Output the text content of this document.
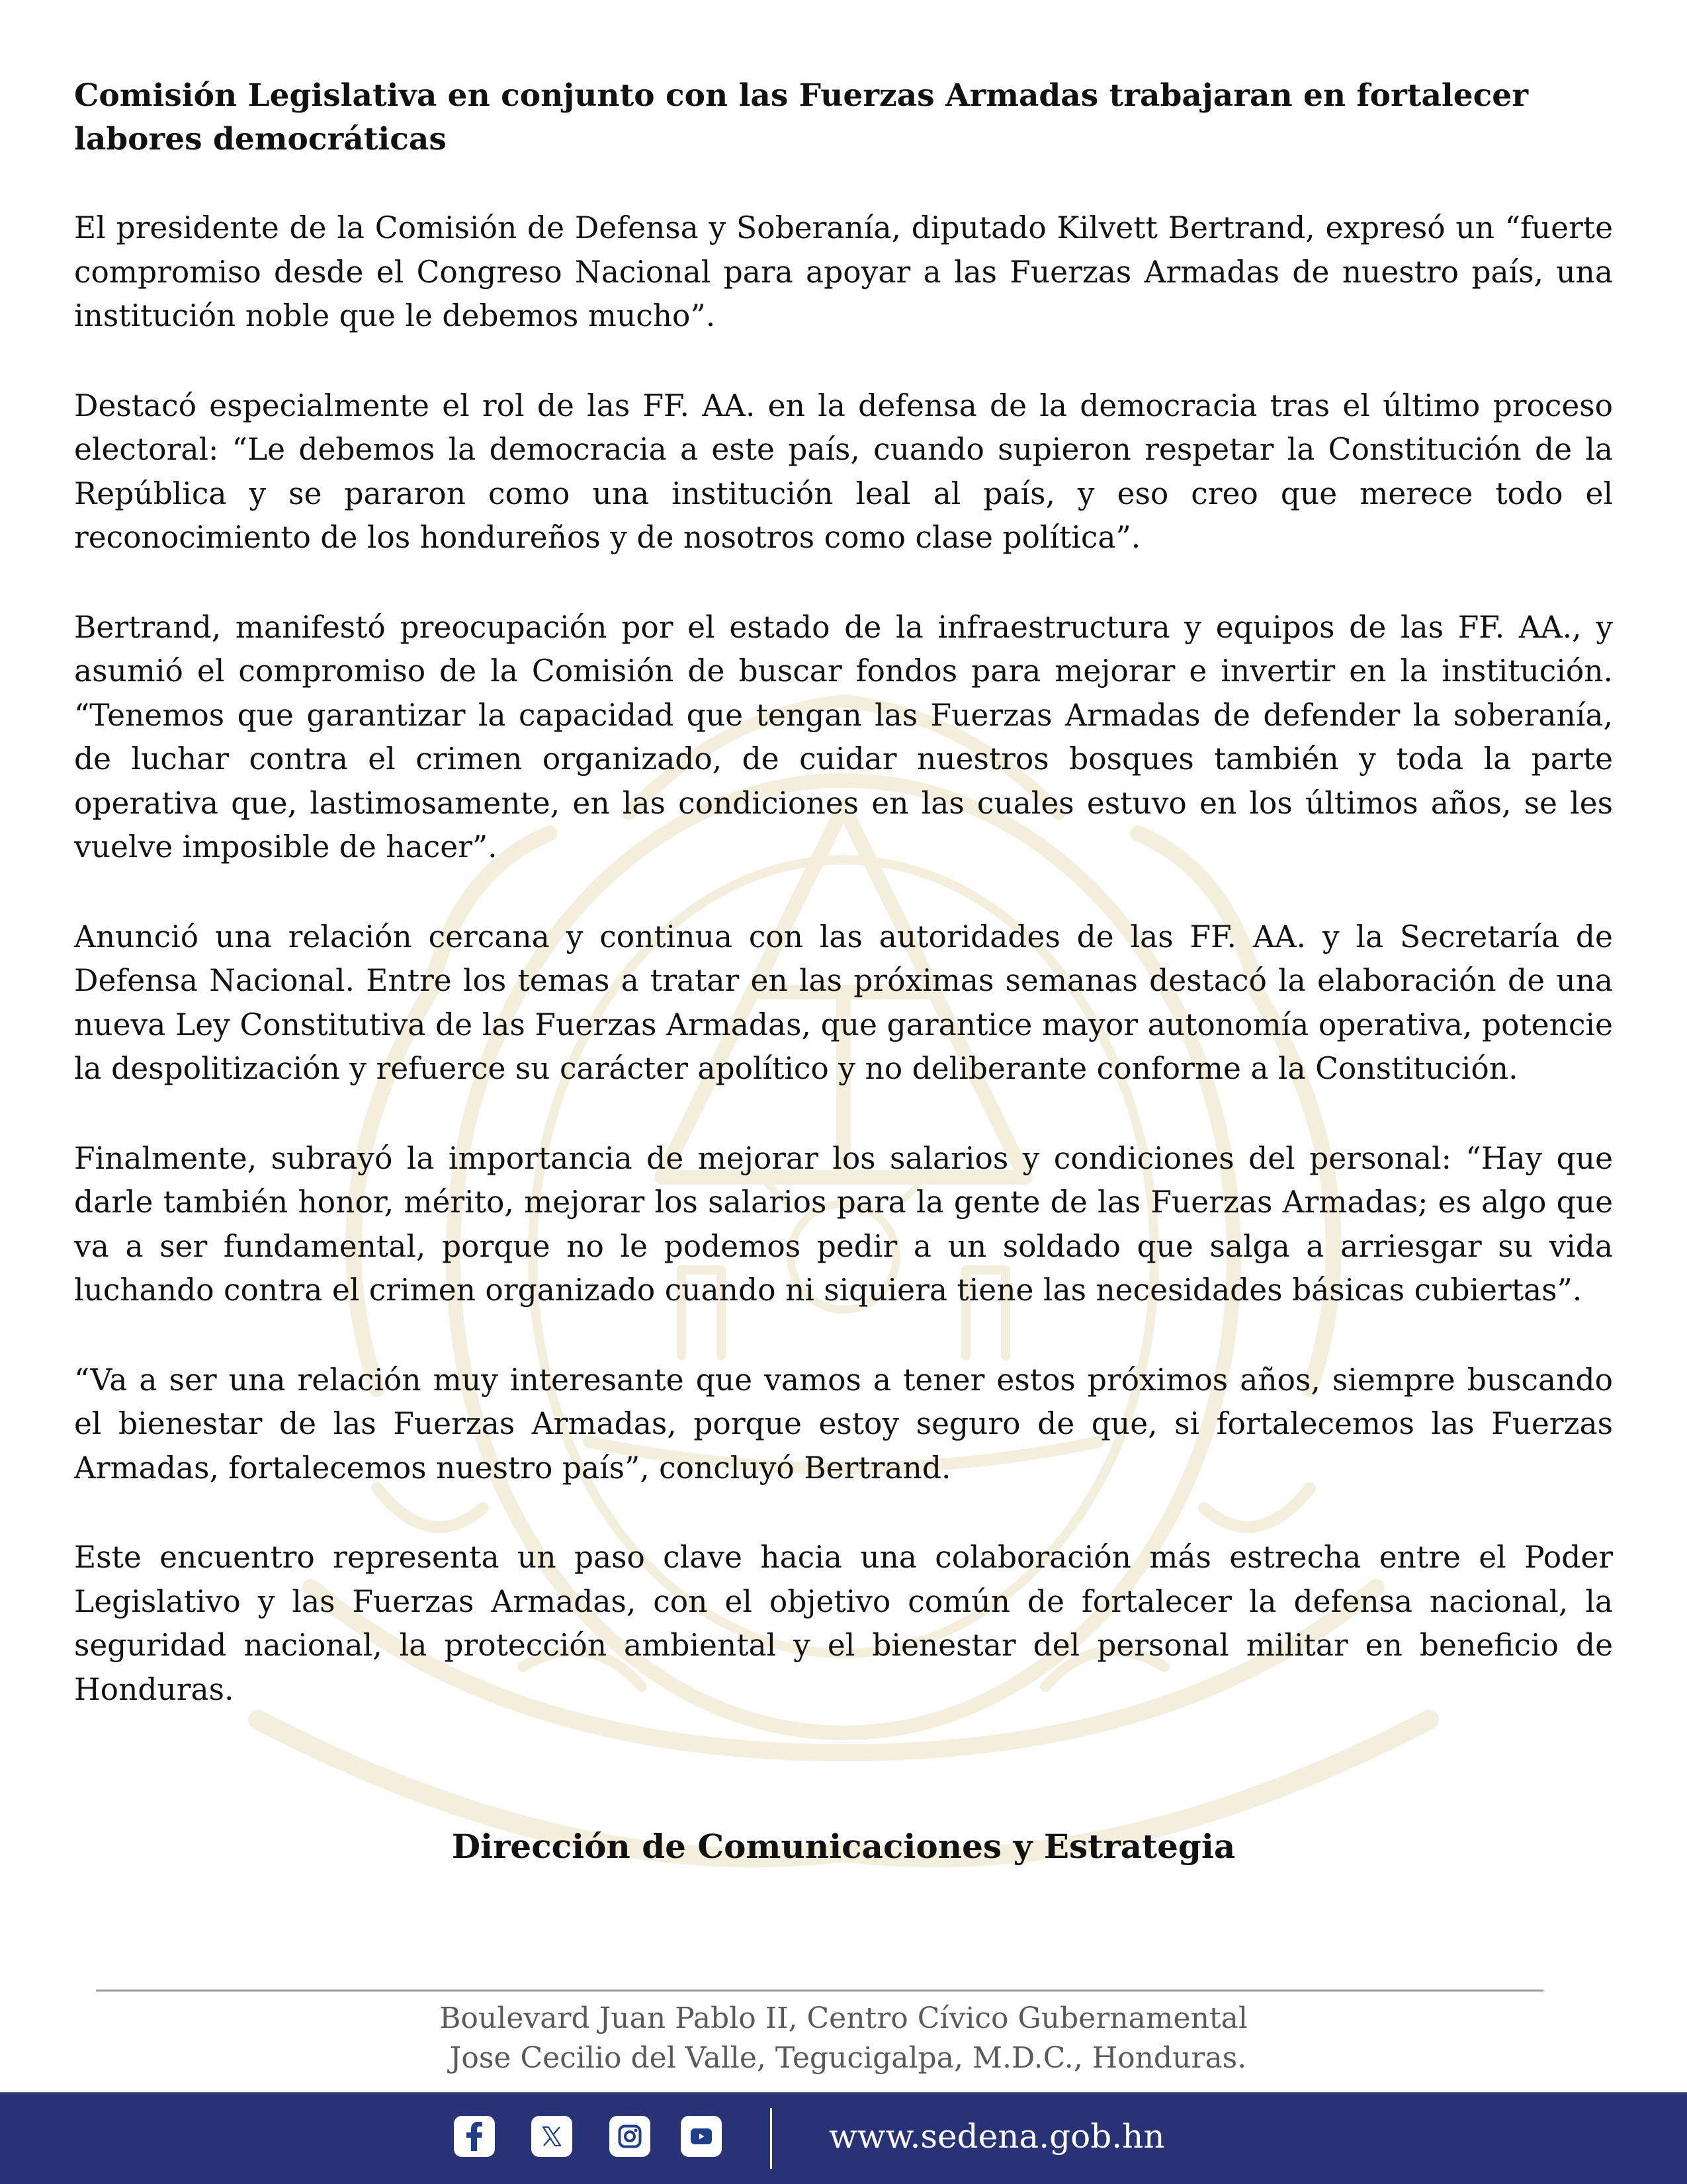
Comisión Legislativa en conjunto con las Fuerzas Armadas trabajaran en fortalecer labores democráticas

El presidente de la Comisión de Defensa y Soberanía, diputado Kilvett Bertrand, expresó un “fuerte compromiso desde el Congreso Nacional para apoyar a las Fuerzas Armadas de nuestro país, una institución noble que le debemos mucho”.

Destacó especialmente el rol de las FF. AA. en la defensa de la democracia tras el último proceso electoral: “Le debemos la democracia a este país, cuando supieron respetar la Constitución de la República y se pararon como una institución leal al país, y eso creo que merece todo el reconocimiento de los hondureños y de nosotros como clase política”.

Bertrand, manifestó preocupación por el estado de la infraestructura y equipos de las FF. AA., y asumió el compromiso de la Comisión de buscar fondos para mejorar e invertir en la institución. “Tenemos que garantizar la capacidad que tengan las Fuerzas Armadas de defender la soberanía, de luchar contra el crimen organizado, de cuidar nuestros bosques también y toda la parte operativa que, lastimosamente, en las condiciones en las cuales estuvo en los últimos años, se les vuelve imposible de hacer”.

Anunció una relación cercana y continua con las autoridades de las FF. AA. y la Secretaría de Defensa Nacional. Entre los temas a tratar en las próximas semanas destacó la elaboración de una nueva Ley Constitutiva de las Fuerzas Armadas, que garantice mayor autonomía operativa, potencie la despolitización y refuerce su carácter apolítico y no deliberante conforme a la Constitución.

Finalmente, subrayó la importancia de mejorar los salarios y condiciones del personal: “Hay que darle también honor, mérito, mejorar los salarios para la gente de las Fuerzas Armadas; es algo que va a ser fundamental, porque no le podemos pedir a un soldado que salga a arriesgar su vida luchando contra el crimen organizado cuando ni siquiera tiene las necesidades básicas cubiertas”.

“Va a ser una relación muy interesante que vamos a tener estos próximos años, siempre buscando el bienestar de las Fuerzas Armadas, porque estoy seguro de que, si fortalecemos las Fuerzas Armadas, fortalecemos nuestro país”, concluyó Bertrand.

Este encuentro representa un paso clave hacia una colaboración más estrecha entre el Poder Legislativo y las Fuerzas Armadas, con el objetivo común de fortalecer la defensa nacional, la seguridad nacional, la protección ambiental y el bienestar del personal militar en beneficio de Honduras.

Dirección de Comunicaciones y Estrategia
Boulevard Juan Pablo II, Centro Cívico Gubernamental
Jose Cecilio del Valle, Tegucigalpa, M.D.C., Honduras.
www.sedena.gob.hn
